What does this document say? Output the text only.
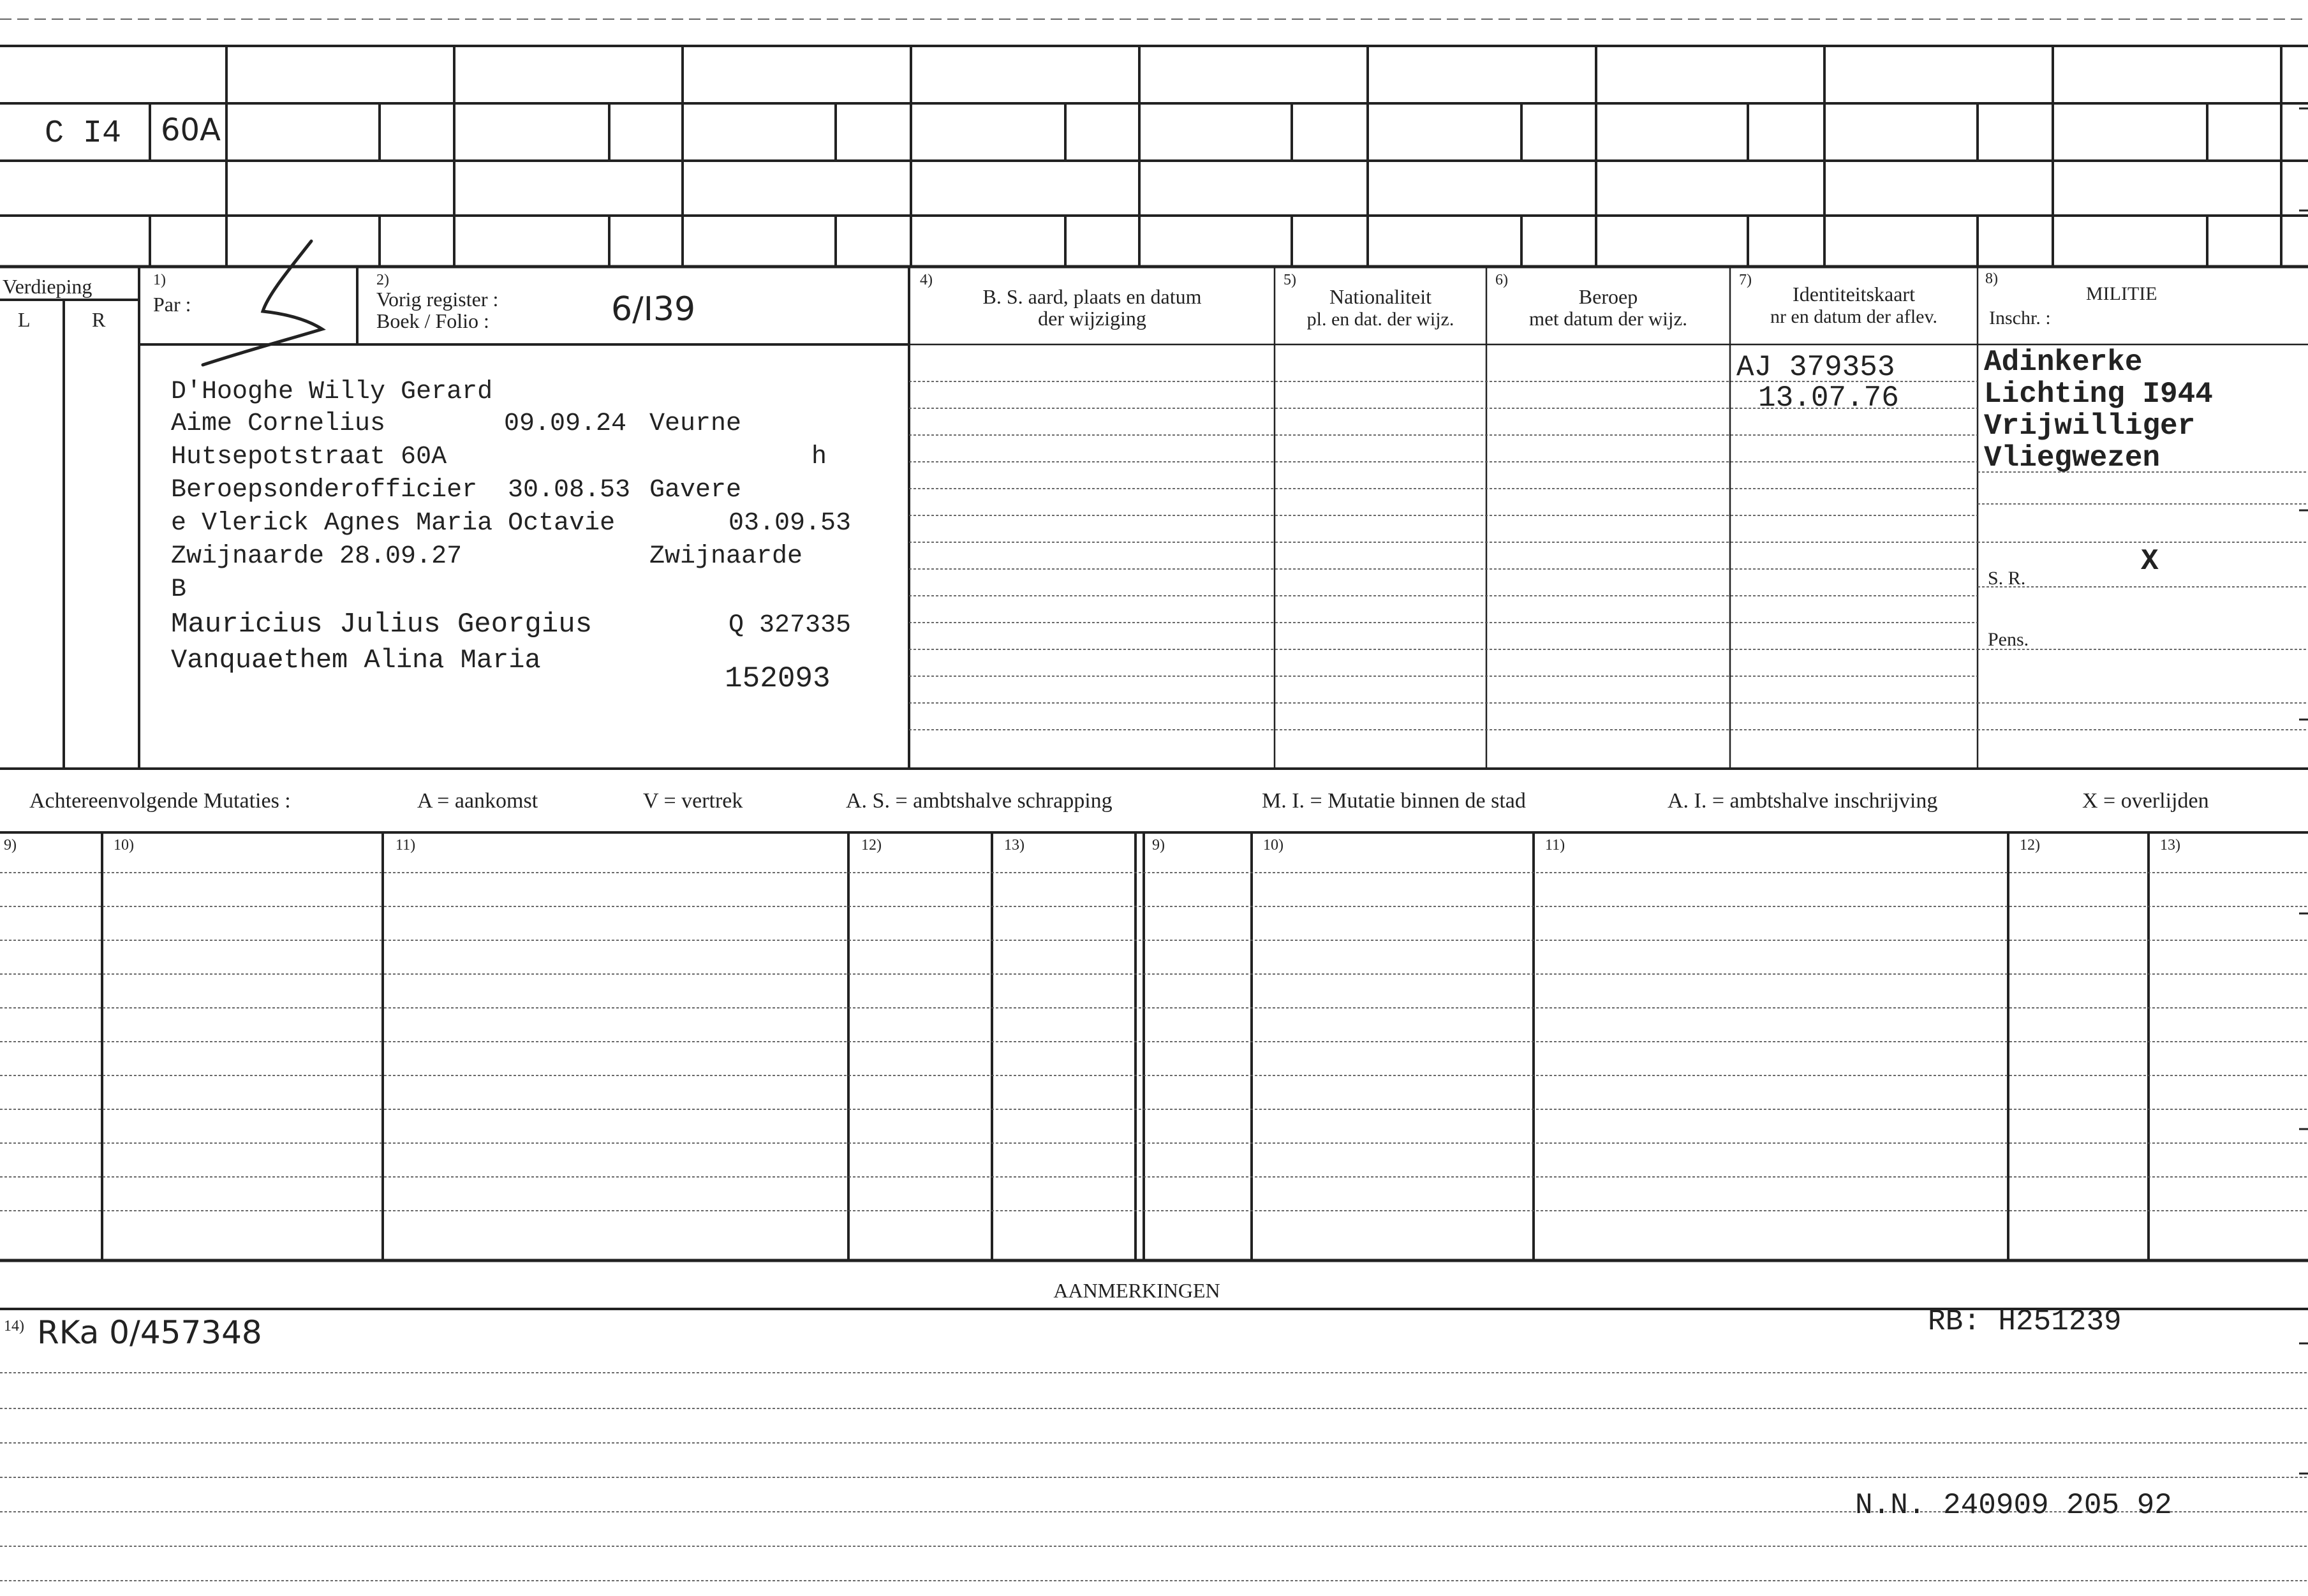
C I4 60A
Verdieping
L	R
1)
Par :
2)
Vorig register :
Boek / Folio :	6/I39
4)
B. S. aard, plaats en datum
der wijziging
5)
Nationaliteit
pl. en dat. der wijz.
6)
Beroep
met datum der wijz.
7)
Identiteitskaart
nr en datum der aflev.
8)
MILITIE
Inschr. :
D'Hooghe Willy Gerard
Aime Cornelius	09.09.24 Veurne
Hutsepotstraat 60A	h
Beroepsonderofficier 30.08.53 Gavere
e Vlerick Agnes Maria Octavie	03.09.53
Zwijnaarde 28.09.27	Zwijnaarde
B
Mauricius Julius Georgius	Q 327335
Vanquaethem Alina Maria
152093
AJ 379353
13.07.76
Adinkerke
Lichting I944
Vrijwilliger
Vliegwezen
S. R.
X
Pens.
Achtereenvolgende Mutaties :	A = aankomst	V = vertrek	A. S. = ambtshalve schrapping	M. I. = Mutatie binnen de stad	A. I. = ambtshalve inschrijving	X = overlijden
9)	10)	11)	12)	13)	9)	10)	11)	12)	13)
AANMERKINGEN
14) RKa 0/457348	RB: H251239
N.N. 240909 205 92
